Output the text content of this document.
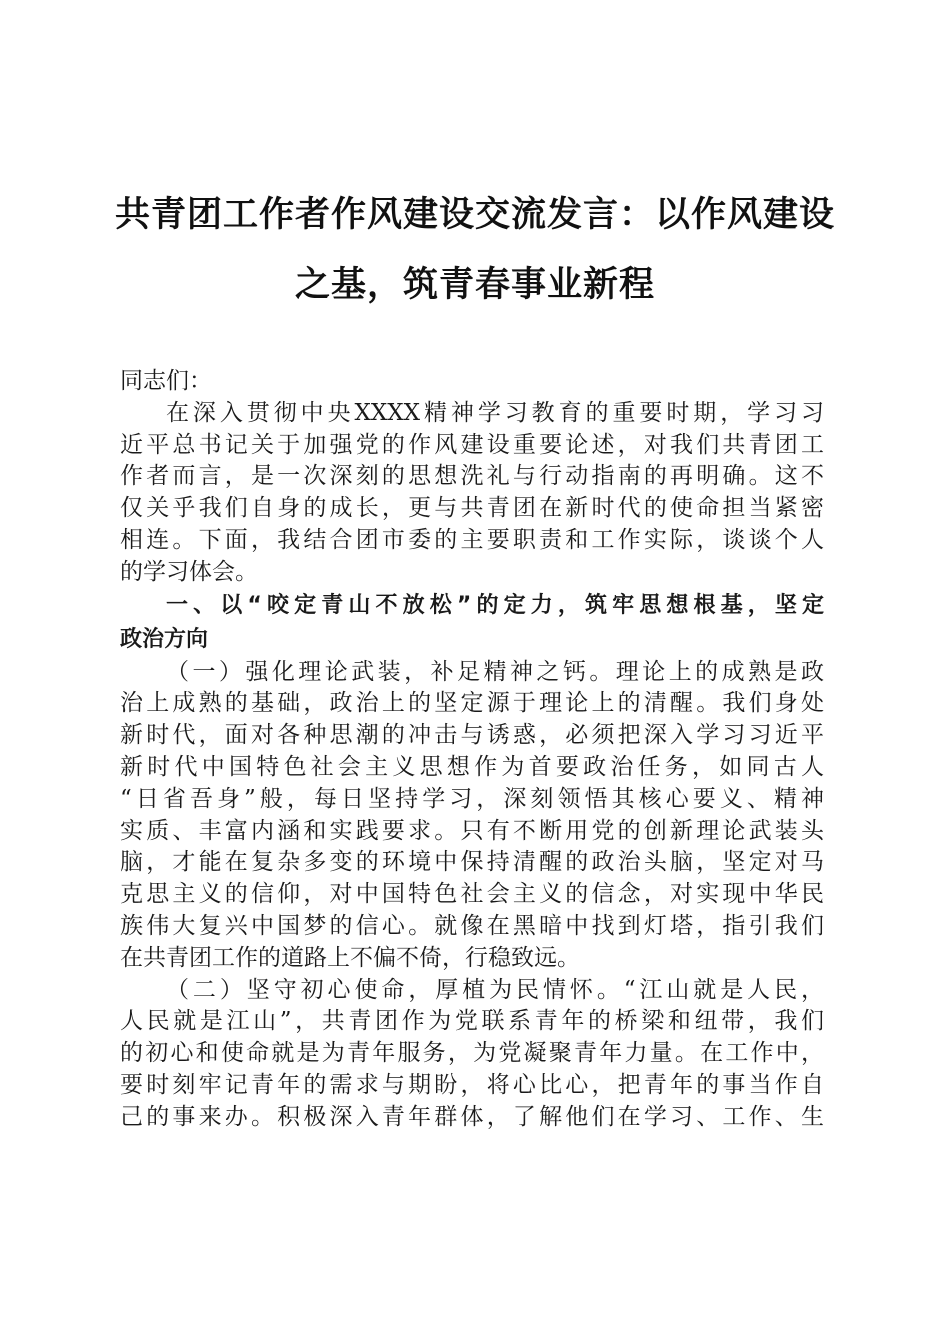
共青团工作者作风建设交流发言：以作风建设
之基，筑青春事业新程
同志们：
在深入贯彻中央XXXX精神学习教育的重要时期，学习习
近平总书记关于加强党的作风建设重要论述，对我们共青团工
作者而言，是一次深刻的思想洗礼与行动指南的再明确。这不
仅关乎我们自身的成长，更与共青团在新时代的使命担当紧密
相连。下面，我结合团市委的主要职责和工作实际，谈谈个人
的学习体会。
一、以“咬定青山不放松”的定力，筑牢思想根基，坚定
政治方向
（一）强化理论武装，补足精神之钙。理论上的成熟是政
治上成熟的基础，政治上的坚定源于理论上的清醒。我们身处
新时代，面对各种思潮的冲击与诱惑，必须把深入学习习近平
新时代中国特色社会主义思想作为首要政治任务，如同古人
“日省吾身”般，每日坚持学习，深刻领悟其核心要义、精神
实质、丰富内涵和实践要求。只有不断用党的创新理论武装头
脑，才能在复杂多变的环境中保持清醒的政治头脑，坚定对马
克思主义的信仰，对中国特色社会主义的信念，对实现中华民
族伟大复兴中国梦的信心。就像在黑暗中找到灯塔，指引我们
在共青团工作的道路上不偏不倚，行稳致远。
（二）坚守初心使命，厚植为民情怀。“江山就是人民，
人民就是江山”，共青团作为党联系青年的桥梁和纽带，我们
的初心和使命就是为青年服务，为党凝聚青年力量。在工作中，
要时刻牢记青年的需求与期盼，将心比心，把青年的事当作自
己的事来办。积极深入青年群体，了解他们在学习、工作、生
